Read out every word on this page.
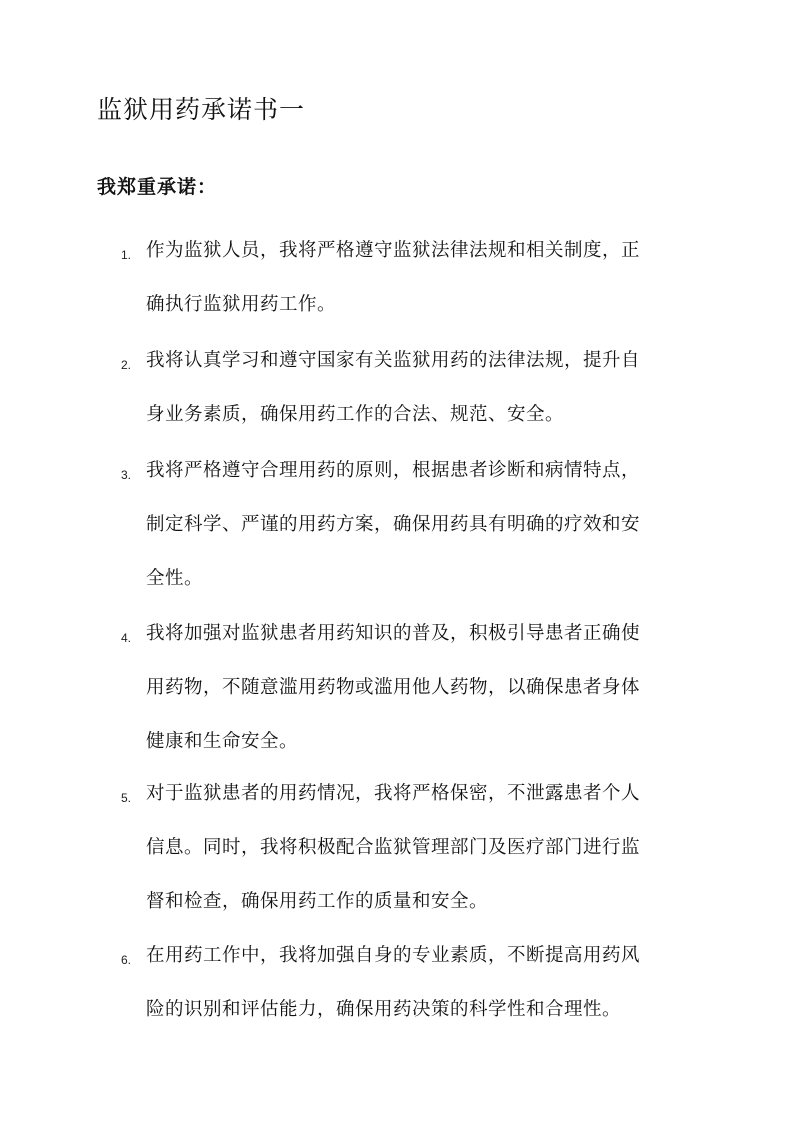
监狱用药承诺书一

我郑重承诺：

1. 作为监狱人员，我将严格遵守监狱法律法规和相关制度，正
确执行监狱用药工作。
2. 我将认真学习和遵守国家有关监狱用药的法律法规，提升自
身业务素质，确保用药工作的合法、规范、安全。
3. 我将严格遵守合理用药的原则，根据患者诊断和病情特点，
制定科学、严谨的用药方案，确保用药具有明确的疗效和安
全性。
4. 我将加强对监狱患者用药知识的普及，积极引导患者正确使
用药物，不随意滥用药物或滥用他人药物，以确保患者身体
健康和生命安全。
5. 对于监狱患者的用药情况，我将严格保密，不泄露患者个人
信息。同时，我将积极配合监狱管理部门及医疗部门进行监
督和检查，确保用药工作的质量和安全。
6. 在用药工作中，我将加强自身的专业素质，不断提高用药风
险的识别和评估能力，确保用药决策的科学性和合理性。
